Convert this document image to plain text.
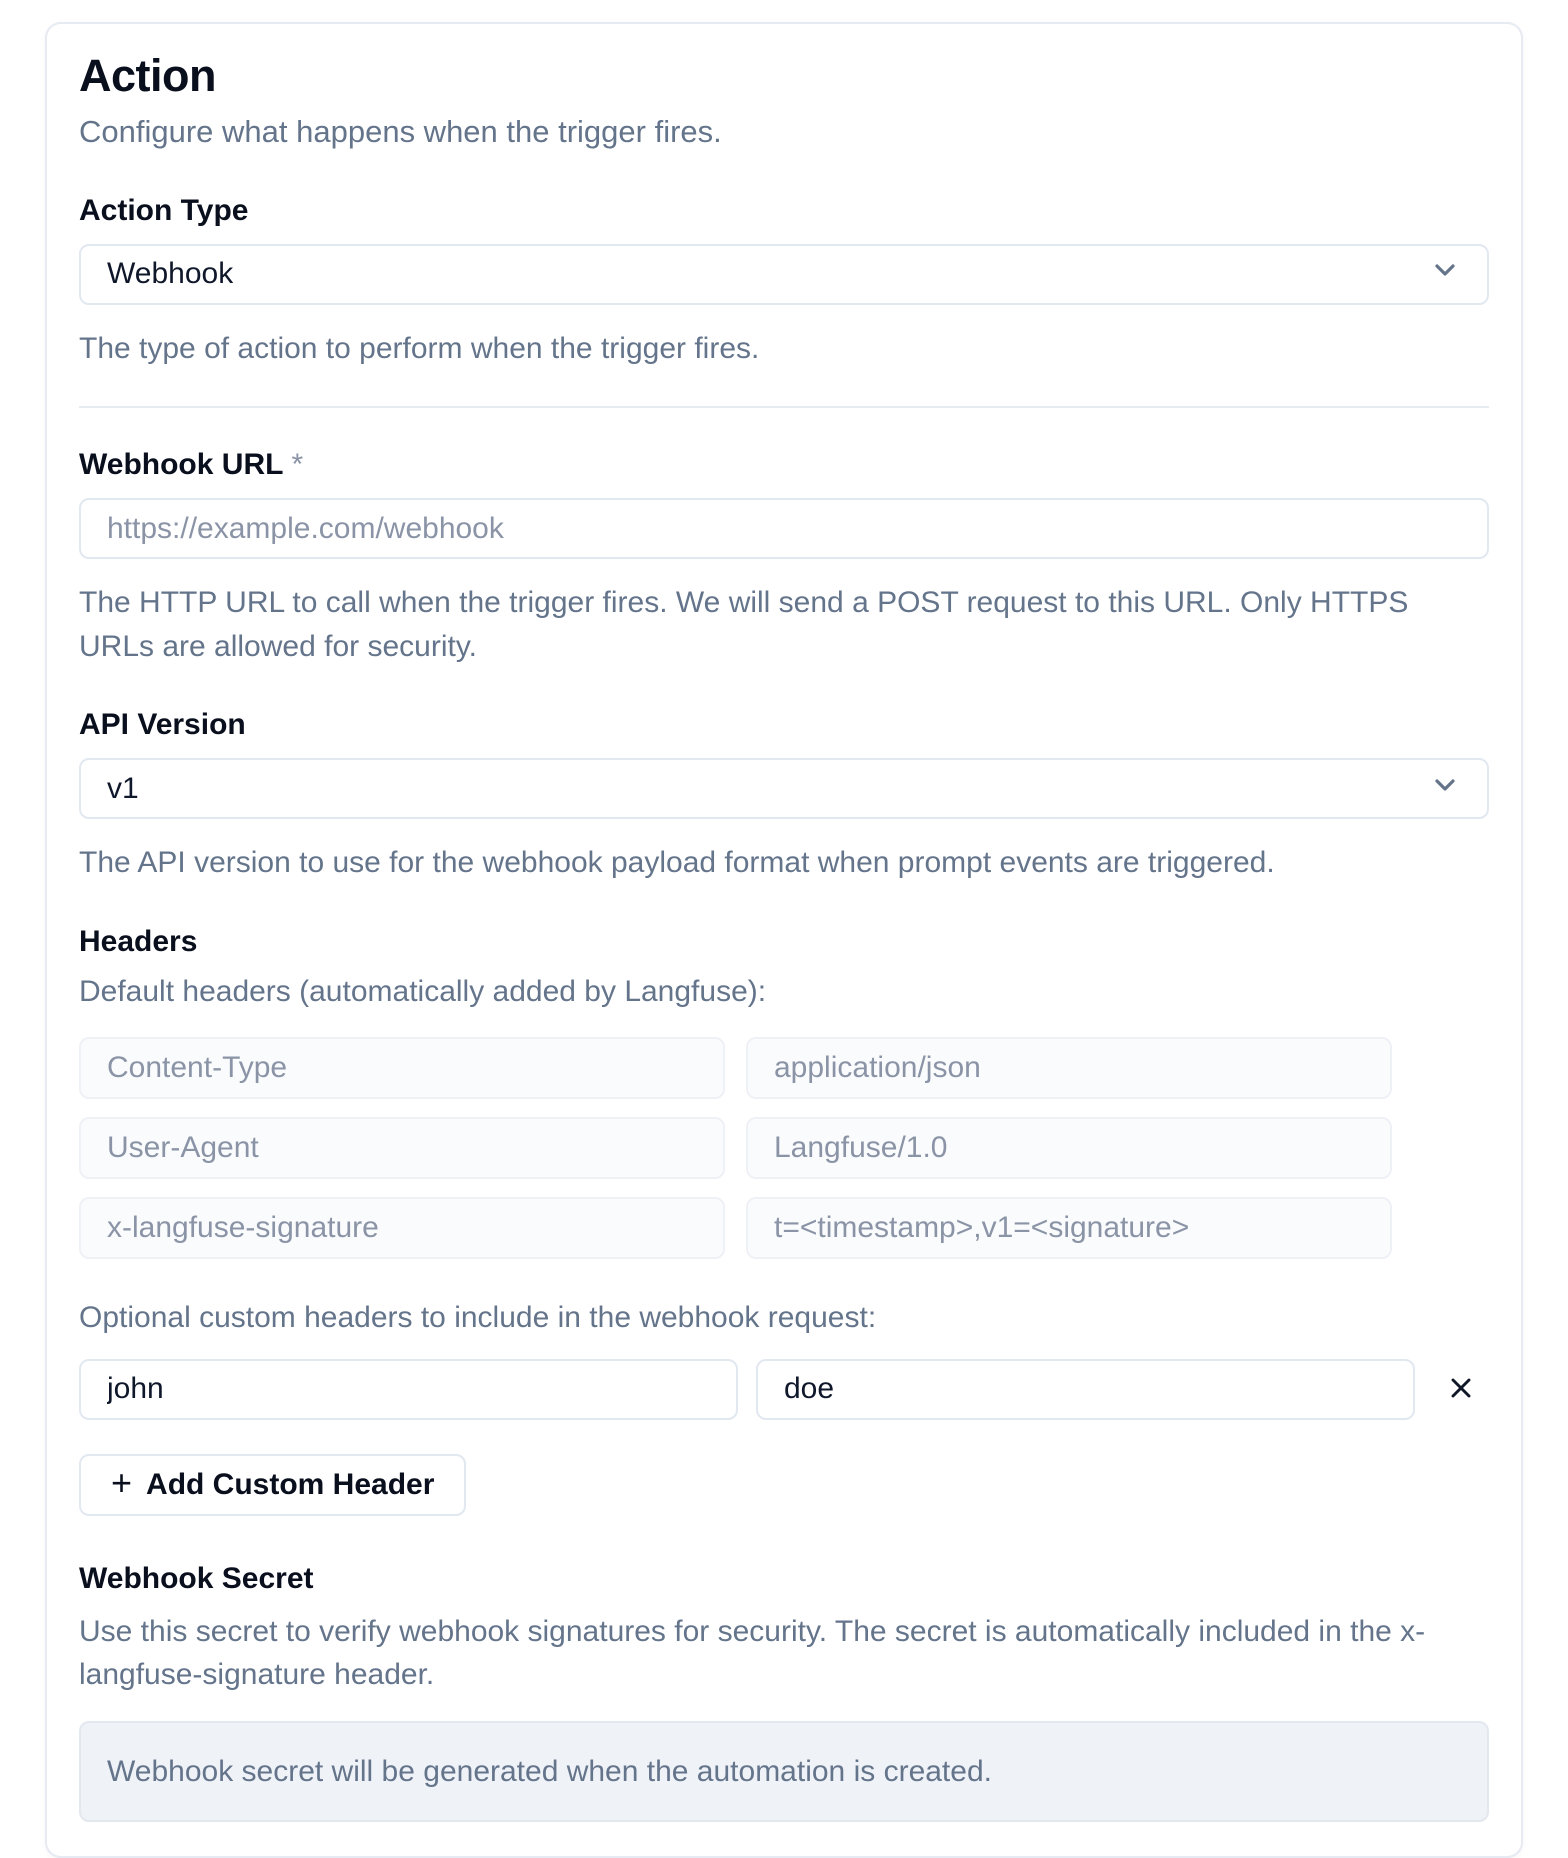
Action
Configure what happens when the trigger fires.
Action Type
Webhook
The type of action to perform when the trigger fires.
Webhook URL *
https://example.com/webhook
The HTTP URL to call when the trigger fires. We will send a POST request to this URL. Only HTTPS URLs are allowed for security.
API Version
v1
The API version to use for the webhook payload format when prompt events are triggered.
Headers
Default headers (automatically added by Langfuse):
Content-Type
application/json
User-Agent
Langfuse/1.0
x-langfuse-signature
t=<timestamp>,v1=<signature>
Optional custom headers to include in the webhook request:
john
doe
+ Add Custom Header
Webhook Secret
Use this secret to verify webhook signatures for security. The secret is automatically included in the x-langfuse-signature header.
Webhook secret will be generated when the automation is created.
